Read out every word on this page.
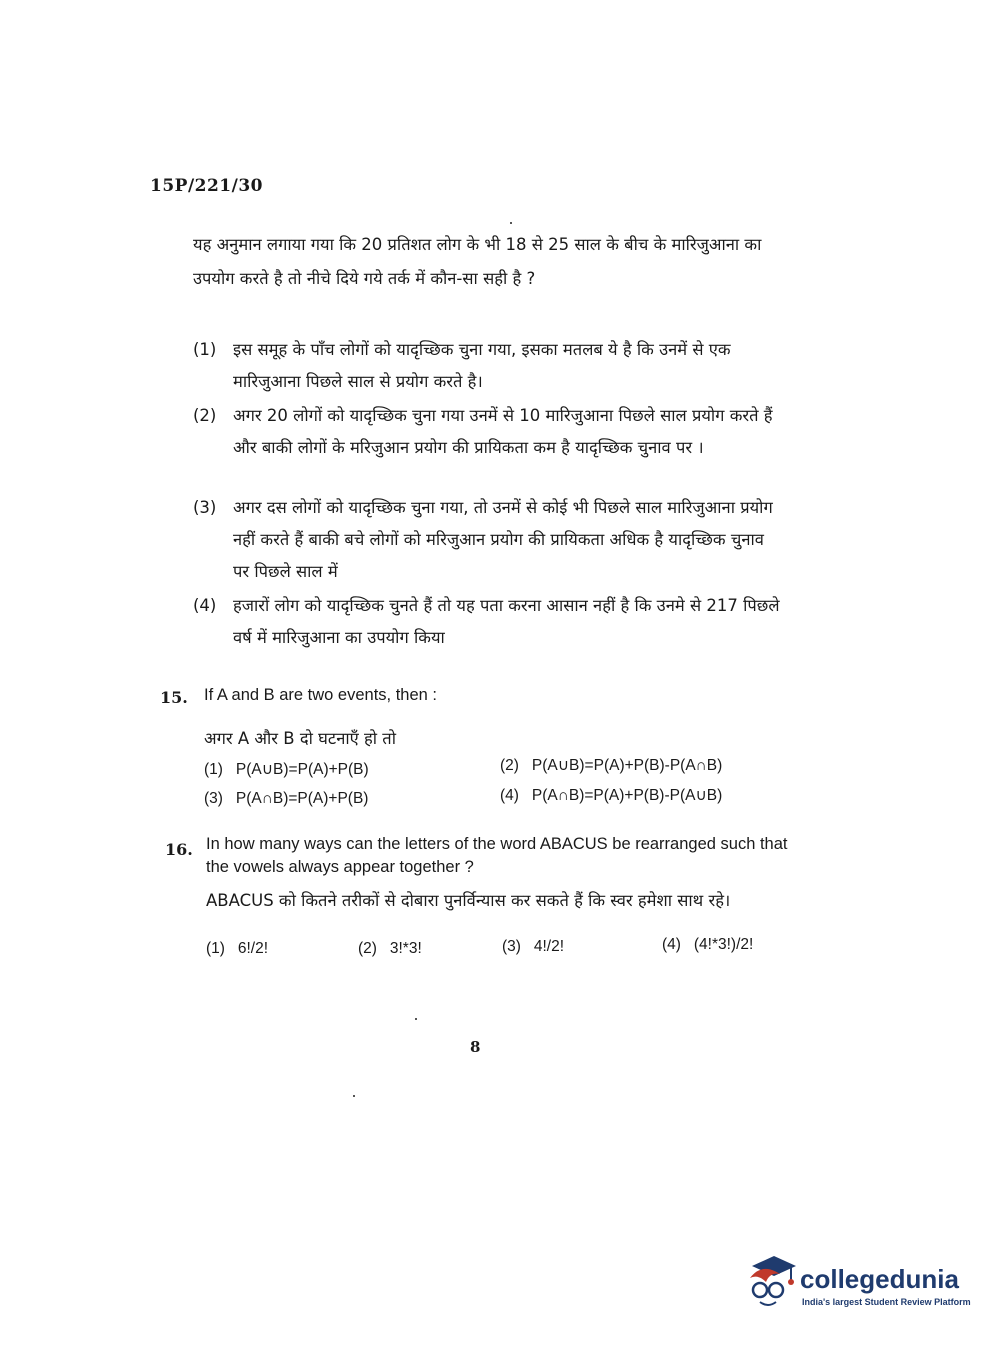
15P/221/30
यह अनुमान लगाया गया कि 20 प्रतिशत लोग के भी 18 से 25 साल के बीच के मारिजुआना का उपयोग करते है तो नीचे दिये गये तर्क में कौन-सा सही है ?
(1)	इस समूह के पाँच लोगों को यादृच्छिक चुना गया, इसका मतलब ये है कि उनमें से एक मारिजुआना पिछले साल से प्रयोग करते है।
(2)	अगर 20 लोगों को यादृच्छिक चुना गया उनमें से 10 मारिजुआना पिछले साल प्रयोग करते हैं और बाकी लोगों के मरिजुआन प्रयोग की प्रायिकता कम है यादृच्छिक चुनाव पर ।
(3)	अगर दस लोगों को यादृच्छिक चुना गया, तो उनमें से कोई भी पिछले साल मारिजुआना प्रयोग नहीं करते हैं बाकी बचे लोगों को मरिजुआन प्रयोग की प्रायिकता अधिक है यादृच्छिक चुनाव पर पिछले साल में
(4)	हजारों लोग को यादृच्छिक चुनते हैं तो यह पता करना आसान नहीं है कि उनमे से 217 पिछले वर्ष में मारिजुआना का उपयोग किया
15. If A and B are two events, then :
अगर A और B दो घटनाएँ हो तो
(1) P(A∪B)=P(A)+P(B)	(2) P(A∪B)=P(A)+P(B)-P(A∩B)
(3) P(A∩B)=P(A)+P(B)	(4) P(A∩B)=P(A)+P(B)-P(A∪B)
16. In how many ways can the letters of the word ABACUS be rearranged such that the vowels always appear together ?
ABACUS को कितने तरीकों से दोबारा पुनर्विन्यास कर सकते हैं कि स्वर हमेशा साथ रहे।
(1) 6!/2!	(2) 3!*3!	(3) 4!/2!	(4) (4!*3!)/2!
8
collegedunia
India's largest Student Review Platform
